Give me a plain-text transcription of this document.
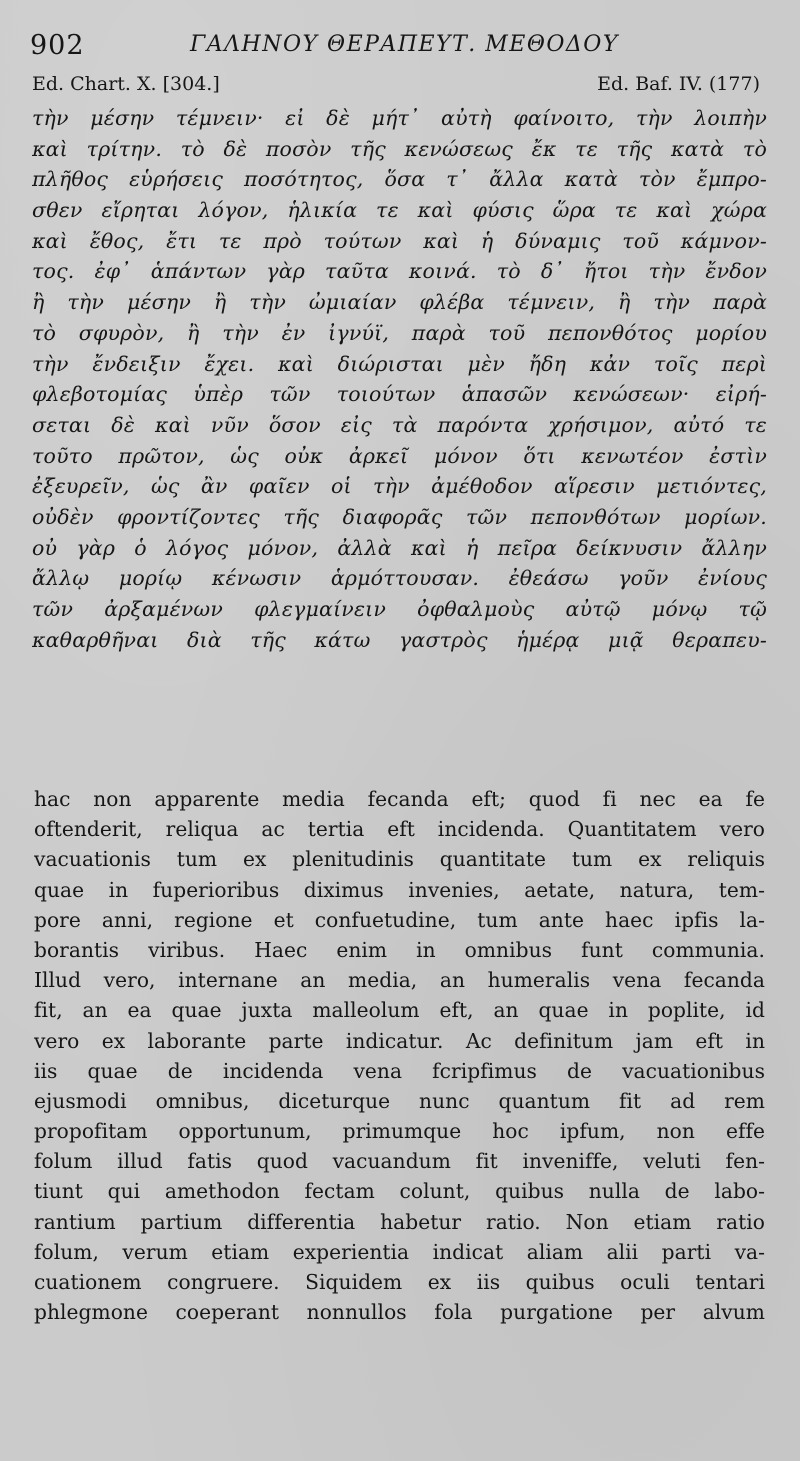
902	ΓΑΛΗΝΟΥ ΘΕΡΑΠΕΥΤ. ΜΕΘΟΔΟΥ
Ed. Chart. X. [304.]	Ed. Baf. IV. (177)
τὴν μέσην τέμνειν· εἰ δὲ μήτ᾽ αὐτὴ φαίνοιτο, τὴν λοιπὴν
καὶ τρίτην. τὸ δὲ ποσὸν τῆς κενώσεως ἔκ τε τῆς κατὰ τὸ
πλῆθος εὑρήσεις ποσότητος, ὅσα τ᾽ ἄλλα κατὰ τὸν ἔμπρο-
σθεν εἴρηται λόγον, ἡλικία τε καὶ φύσις ὥρα τε καὶ χώρα
καὶ ἔθος, ἔτι τε πρὸ τούτων καὶ ἡ δύναμις τοῦ κάμνον-
τος. ἐφ᾽ ἁπάντων γὰρ ταῦτα κοινά. τὸ δ᾽ ἤτοι τὴν ἔνδον
ἢ τὴν μέσην ἢ τὴν ὠμιαίαν φλέβα τέμνειν, ἢ τὴν παρὰ
τὸ σφυρὸν, ἢ τὴν ἐν ἰγνύϊ, παρὰ τοῦ πεπονθότος μορίου
τὴν ἔνδειξιν ἔχει. καὶ διώρισται μὲν ἤδη κἀν τοῖς περὶ
φλεβοτομίας ὑπὲρ τῶν τοιούτων ἁπασῶν κενώσεων· εἰρή-
σεται δὲ καὶ νῦν ὅσον εἰς τὰ παρόντα χρήσιμον, αὐτό τε
τοῦτο πρῶτον, ὡς οὐκ ἀρκεῖ μόνον ὅτι κενωτέον ἐστὶν
ἐξευρεῖν, ὡς ἂν φαῖεν οἱ τὴν ἀμέθοδον αἵρεσιν μετιόντες,
οὐδὲν φροντίζοντες τῆς διαφορᾶς τῶν πεπονθότων μορίων.
οὐ γὰρ ὁ λόγος μόνον, ἀλλὰ καὶ ἡ πεῖρα δείκνυσιν ἄλλην
ἄλλῳ μορίῳ κένωσιν ἁρμόττουσαν. ἐθεάσω γοῦν ἐνίους
τῶν ἀρξαμένων φλεγμαίνειν ὀφθαλμοὺς αὐτῷ μόνῳ τῷ
καθαρθῆναι διὰ τῆς κάτω γαστρὸς ἡμέρᾳ μιᾷ θεραπευ-
hac non apparente media fecanda eft; quod fi nec ea fe
oftenderit, reliqua ac tertia eft incidenda. Quantitatem vero
vacuationis tum ex plenitudinis quantitate tum ex reliquis
quae in fuperioribus diximus invenies, aetate, natura, tem-
pore anni, regione et confuetudine, tum ante haec ipfis la-
borantis viribus. Haec enim in omnibus funt communia.
Illud vero, internane an media, an humeralis vena fecanda
fit, an ea quae juxta malleolum eft, an quae in poplite, id
vero ex laborante parte indicatur. Ac definitum jam eft in
iis quae de incidenda vena fcripfimus de vacuationibus
ejusmodi omnibus, diceturque nunc quantum fit ad rem
propofitam opportunum, primumque hoc ipfum, non effe
folum illud fatis quod vacuandum fit inveniffe, veluti fen-
tiunt qui amethodon fectam colunt, quibus nulla de labo-
rantium partium differentia habetur ratio. Non etiam ratio
folum, verum etiam experientia indicat aliam alii parti va-
cuationem congruere. Siquidem ex iis quibus oculi tentari
phlegmone coeperant nonnullos fola purgatione per alvum
